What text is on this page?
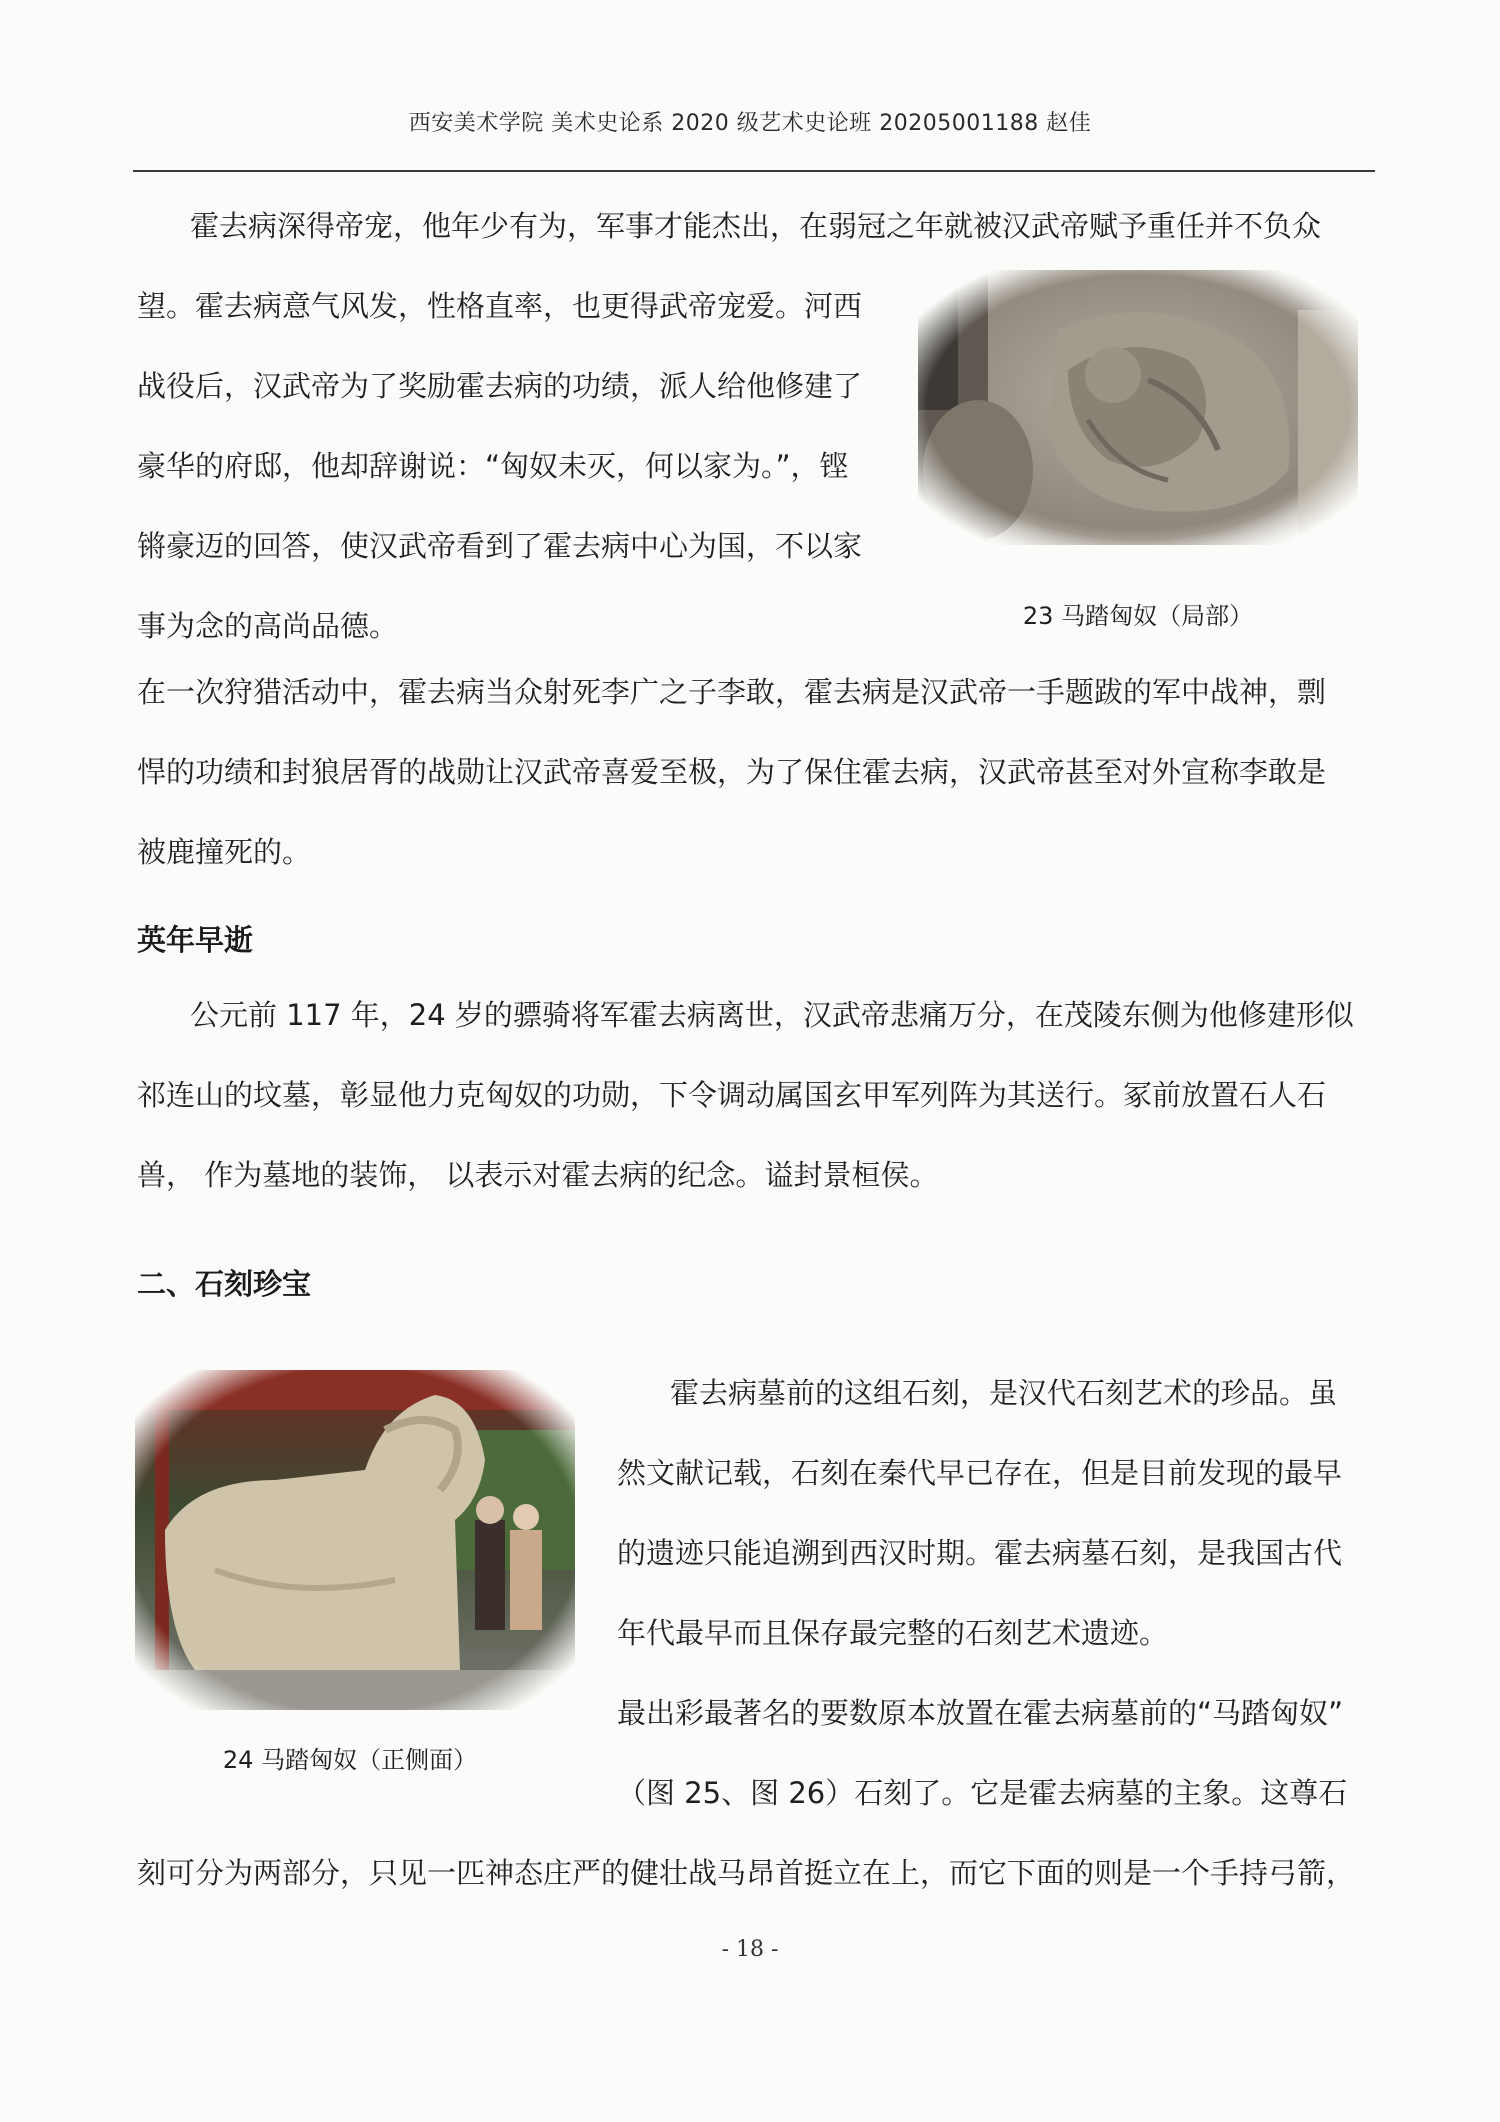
西安美术学院 美术史论系 2020 级艺术史论班 20205001188 赵佳

霍去病深得帝宠，他年少有为，军事才能杰出，在弱冠之年就被汉武帝赋予重任并不负众

望。霍去病意气风发，性格直率，也更得武帝宠爱。河西

战役后，汉武帝为了奖励霍去病的功绩，派人给他修建了

豪华的府邸，他却辞谢说：“匈奴未灭，何以家为。”，铿

锵豪迈的回答，使汉武帝看到了霍去病中心为国，不以家

事为念的高尚品德。	23 马踏匈奴（局部）

在一次狩猎活动中，霍去病当众射死李广之子李敢，霍去病是汉武帝一手题跋的军中战神，剽

悍的功绩和封狼居胥的战勋让汉武帝喜爱至极，为了保住霍去病，汉武帝甚至对外宣称李敢是

被鹿撞死的。

英年早逝

公元前 117 年，24 岁的骠骑将军霍去病离世，汉武帝悲痛万分，在茂陵东侧为他修建形似

祁连山的坟墓，彰显他力克匈奴的功勋，下令调动属国玄甲军列阵为其送行。冢前放置石人石

兽， 作为墓地的装饰， 以表示对霍去病的纪念。谥封景桓侯。

二、石刻珍宝
24 马踏匈奴（正侧面）

霍去病墓前的这组石刻，是汉代石刻艺术的珍品。虽

然文献记载，石刻在秦代早已存在，但是目前发现的最早

的遗迹只能追溯到西汉时期。霍去病墓石刻，是我国古代

年代最早而且保存最完整的石刻艺术遗迹。

最出彩最著名的要数原本放置在霍去病墓前的“马踏匈奴”

（图 25、图 26）石刻了。它是霍去病墓的主象。这尊石

刻可分为两部分，只见一匹神态庄严的健壮战马昂首挺立在上，而它下面的则是一个手持弓箭，

- 18 -
